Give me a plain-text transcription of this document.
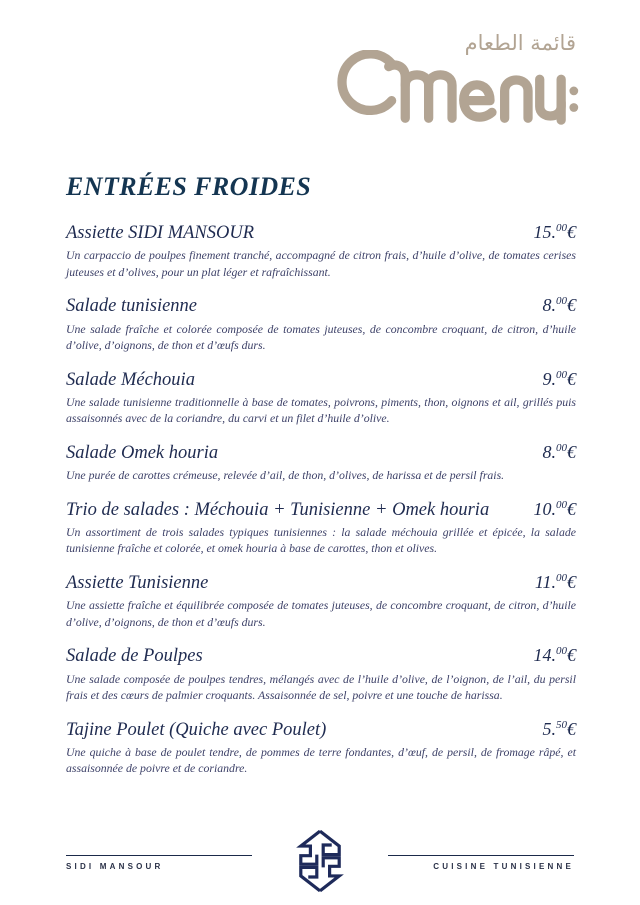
قائمة الطعام
ENTRÉES FROIDES
Assiette SIDI MANSOUR	15.00€

Un carpaccio de poulpes finement tranché, accompagné de citron frais, d’huile d’olive, de tomates cerises juteuses et d’olives, pour un plat léger et rafraîchissant.

Salade tunisienne	8.00€

Une salade fraîche et colorée composée de tomates juteuses, de concombre croquant, de citron, d’huile d’olive, d’oignons, de thon et d’œufs durs.

Salade Méchouia	9.00€

Une salade tunisienne traditionnelle à base de tomates, poivrons, piments, thon, oignons et ail, grillés puis assaisonnés avec de la coriandre, du carvi et un filet d’huile d’olive.

Salade Omek houria	8.00€

Une purée de carottes crémeuse, relevée d’ail, de thon, d’olives, de harissa et de persil frais.

Trio de salades : Méchouia + Tunisienne + Omek houria 10.00€

Un assortiment de trois salades typiques tunisiennes : la salade méchouia grillée et épicée, la salade tunisienne fraîche et colorée, et omek houria à base de carottes, thon et olives.

Assiette Tunisienne	11.00€

Une assiette fraîche et équilibrée composée de tomates juteuses, de concombre croquant, de citron, d’huile d’olive, d’oignons, de thon et d’œufs durs.

Salade de Poulpes	14.00€

Une salade composée de poulpes tendres, mélangés avec de l’huile d’olive, de l’oignon, de l’ail, du persil frais et des cœurs de palmier croquants. Assaisonnée de sel, poivre et une touche de harissa.

Tajine Poulet (Quiche avec Poulet)	5.50€

Une quiche à base de poulet tendre, de pommes de terre fondantes, d’œuf, de persil, de fromage râpé, et assaisonnée de poivre et de coriandre.

SIDI MANSOUR	CUISINE TUNISIENNE
